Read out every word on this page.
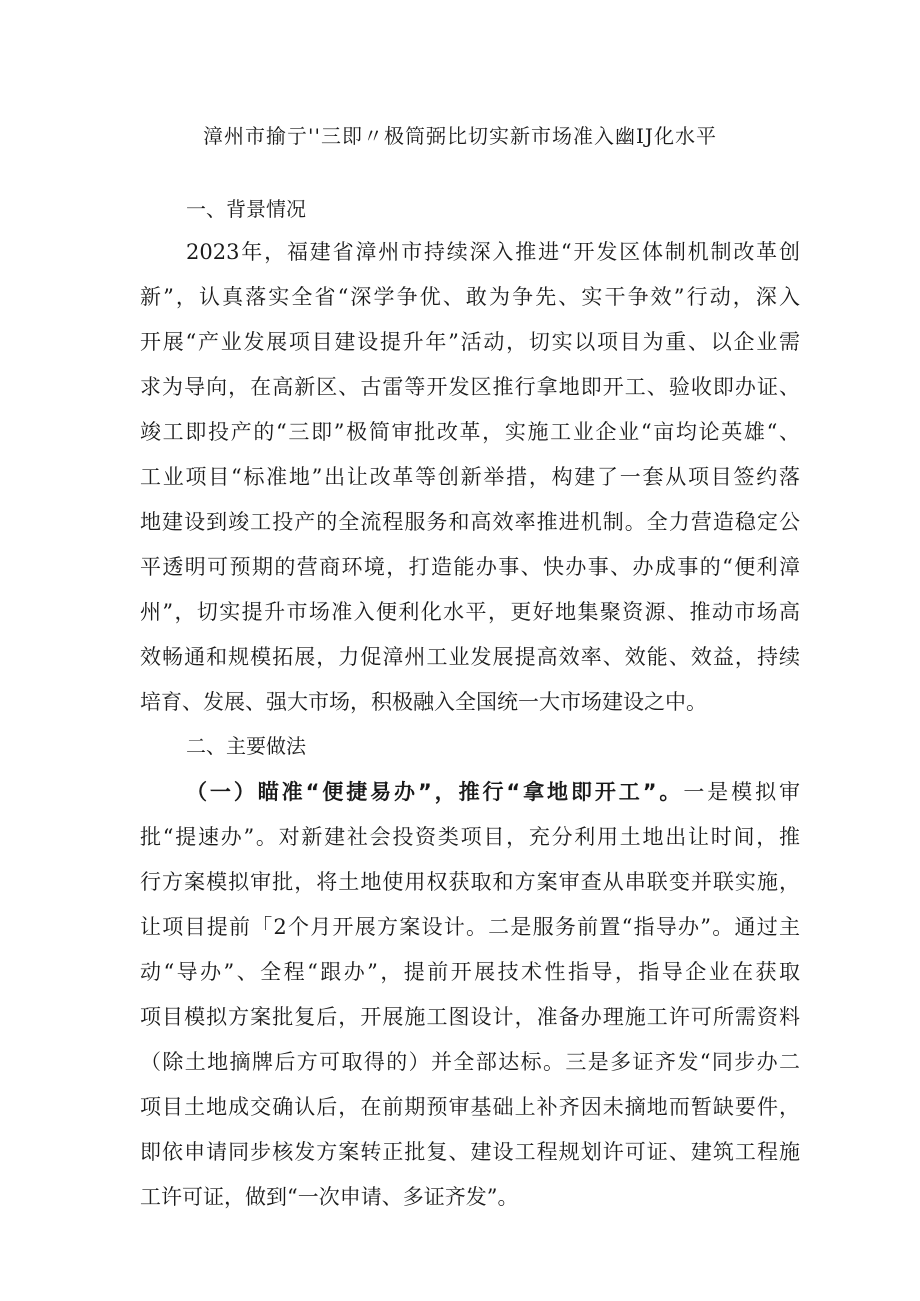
漳州市揄亍''三即〃极筒弼比切实新市场准入幽IJ化水平
一、背景情况
2023年，福建省漳州市持续深入推进“开发区体制机制改革创
新”，认真落实全省“深学争优、敢为争先、实干争效”行动，深入
开展“产业发展项目建设提升年”活动，切实以项目为重、以企业需
求为导向，在高新区、古雷等开发区推行拿地即开工、验收即办证、
竣工即投产的“三即”极简审批改革，实施工业企业“亩均论英雄“、
工业项目“标准地”出让改革等创新举措，构建了一套从项目签约落
地建设到竣工投产的全流程服务和高效率推进机制。全力营造稳定公
平透明可预期的营商环境，打造能办事、快办事、办成事的“便利漳
州”，切实提升市场准入便利化水平，更好地集聚资源、推动市场高
效畅通和规模拓展，力促漳州工业发展提高效率、效能、效益，持续
培育、发展、强大市场，积极融入全国统一大市场建设之中。
二、主要做法
（一）瞄准“便捷易办”，推行“拿地即开工”。一是模拟审
批“提速办”。对新建社会投资类项目，充分利用土地出让时间，推
行方案模拟审批，将土地使用权获取和方案审查从串联变并联实施，
让项目提前「2个月开展方案设计。二是服务前置“指导办”。通过主
动“导办”、全程“跟办”，提前开展技术性指导，指导企业在获取
项目模拟方案批复后，开展施工图设计，准备办理施工许可所需资料
（除土地摘牌后方可取得的）并全部达标。三是多证齐发“同步办二
项目土地成交确认后，在前期预审基础上补齐因未摘地而暂缺要件，
即依申请同步核发方案转正批复、建设工程规划许可证、建筑工程施
工许可证，做到“一次申请、多证齐发”。
